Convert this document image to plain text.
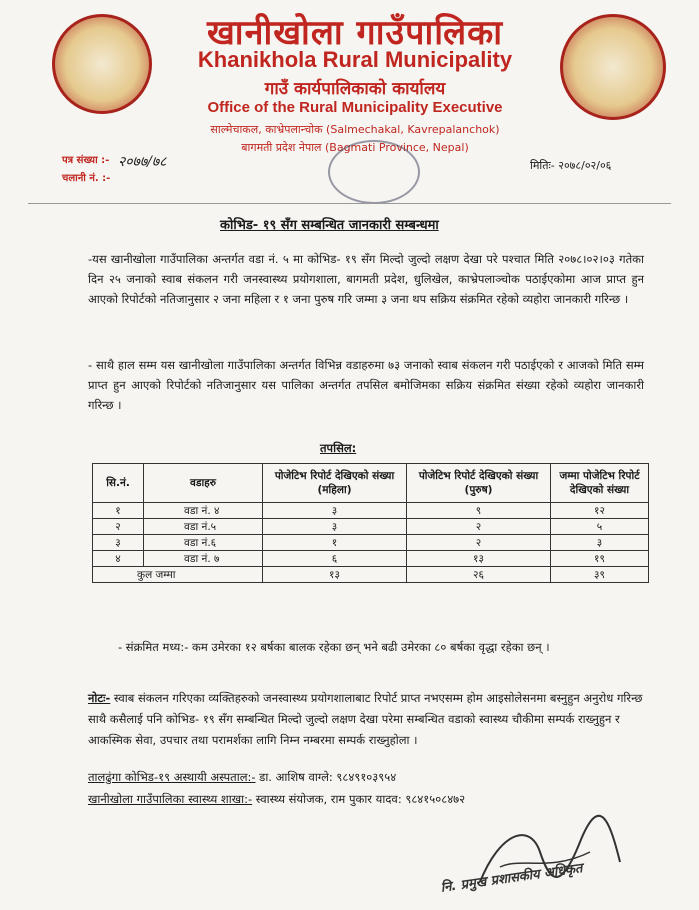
खानीखोला गाउँपालिका
Khanikhola Rural Municipality
गाउँ कार्यपालिकाको कार्यालय
Office of the Rural Municipality Executive
साल्मेचाकल, काभ्रेपलान्चोक (Salmechakal, Kavrepalanchok)
बागमती प्रदेश नेपाल (Bagmati Province, Nepal)
पत्र संख्या :- २०७७/७८
चलानी नं. :-
मितिः- २०७८/०२/०६
कोभिड- १९ सँग सम्बन्धित जानकारी सम्बन्धमा
-यस खानीखोला गाउँपालिका अन्तर्गत वडा नं. ५ मा कोभिड- १९ सँग मिल्दो जुल्दो लक्षण देखा परे पश्चात मिति २०७८।०२।०३ गतेका दिन २५ जनाको स्वाब संकलन गरी जनस्वास्थ्य प्रयोगशाला, बागमती प्रदेश, धुलिखेल, काभ्रेपलाञ्चोक पठाईएकोमा आज प्राप्त हुन आएको रिपोर्टको नतिजानुसार २ जना महिला र १ जना पुरुष गरि जम्मा ३ जना थप सक्रिय संक्रमित रहेको व्यहोरा जानकारी गरिन्छ ।
- साथै हाल सम्म यस खानीखोला गाउँपालिका अन्तर्गत विभिन्न वडाहरुमा ७३ जनाको स्वाब संकलन गरी पठाईएको र आजको मिति सम्म प्राप्त हुन आएको रिपोर्टको नतिजानुसार यस पालिका अन्तर्गत तपसिल बमोजिमका सक्रिय संक्रमित संख्या रहेको व्यहोरा जानकारी गरिन्छ ।
तपसिल:
सि.नं.	वडाहरु	पोजेटिभ रिपोर्ट देखिएको संख्या (महिला)	पोजेटिभ रिपोर्ट देखिएको संख्या (पुरुष)	जम्मा पोजेटिभ रिपोर्ट देखिएको संख्या
१	वडा नं. ४	३	९	१२
२	वडा नं.५	३	२	५
३	वडा नं.६	१	२	३
४	वडा नं. ७	६	१३	१९
कुल जम्मा		१३	२६	३९
- संक्रमित मध्य:- कम उमेरका १२ बर्षका बालक रहेका छन् भने बढी उमेरका ८० बर्षका वृद्धा रहेका छन् ।
नोटः- स्वाब संकलन गरिएका व्यक्तिहरुको जनस्वास्थ्य प्रयोगशालाबाट रिपोर्ट प्राप्त नभएसम्म होम आइसोलेसनमा बस्नुहुन अनुरोध गरिन्छ साथै कसैलाई पनि कोभिड- १९ सँग सम्बन्धित मिल्दो जुल्दो लक्षण देखा परेमा सम्बन्धित वडाको स्वास्थ्य चौकीमा सम्पर्क राख्नुहुन र आकस्मिक सेवा, उपचार तथा परामर्शका लागि निम्न नम्बरमा सम्पर्क राख्नुहोला ।
तालढुंगा कोभिड-१९ अस्थायी अस्पताल:- डा. आशिष वाग्ले: ९८४९१०३९५४
खानीखोला गाउँपालिका स्वास्थ्य शाखा:- स्वास्थ्य संयोजक, राम पुकार यादव: ९८४१५०८४७२
नि. प्रमुख प्रशासकीय अधिकृत
